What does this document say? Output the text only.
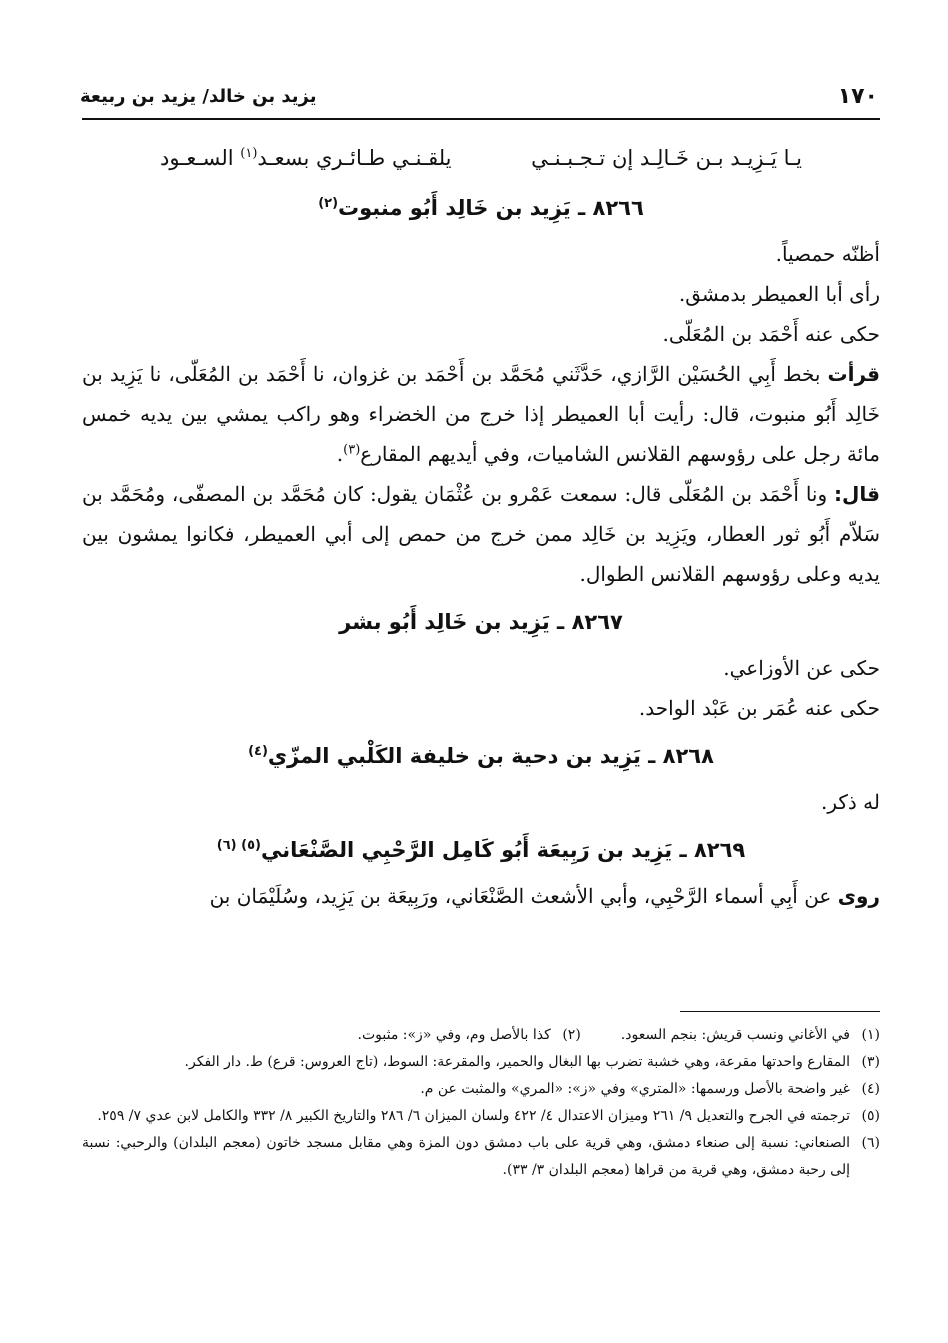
١٧٠
يزيد بن خالد/ يزيد بن ربيعة
يـا يَـزِيـد بـن خَـالِـد إن تـجـبـنـي
يلقـنـي طـائـري بسعـد$^{(١)}$ السـعـود
٨٢٦٦ ـ يَزِيد بن خَالِد أَبُو منبوت$^{(٢)}$

أظنّه حمصياً.

رأى أبا العميطر بدمشق.

حكى عنه أَحْمَد بن المُعَلّى.

قرأت بخط أَبِي الحُسَيْن الرَّازي، حَدَّثَني مُحَمَّد بن أَحْمَد بن غزوان، نا أَحْمَد بن المُعَلّى، نا يَزِيد بن خَالِد أَبُو منبوت، قال: رأيت أبا العميطر إذا خرج من الخضراء وهو راكب يمشي بين يديه خمس مائة رجل على رؤوسهم القلانس الشاميات، وفي أيديهم المقارع$^{(٣)}$.

قال: ونا أَحْمَد بن المُعَلّى قال: سمعت عَمْرو بن عُثْمَان يقول: كان مُحَمَّد بن المصفّى، ومُحَمَّد بن سَلاّم أَبُو ثور العطار، ويَزِيد بن خَالِد ممن خرج من حمص إلى أبي العميطر، فكانوا يمشون بين يديه وعلى رؤوسهم القلانس الطوال.

٨٢٦٧ ـ يَزِيد بن خَالِد أَبُو بشر

حكى عن الأوزاعي.

حكى عنه عُمَر بن عَبْد الواحد.

٨٢٦٨ ـ يَزِيد بن دحية بن خليفة الكَلْبي المزّي$^{(٤)}$

له ذكر.

٨٢٦٩ ـ يَزِيد بن رَبِيعَة أَبُو كَامِل الرَّحْبِي الصَّنْعَاني$^{(٥) (٦)}$

روى عن أَبِي أسماء الرَّحْبِي، وأبي الأشعث الصَّنْعَاني، ورَبِيعَة بن يَزِيد، وسُلَيْمَان بن

(١)
في الأغاني ونسب قريش: بنجم السعود.
(٢)
كذا بالأصل وم، وفي «ز»: مثبوت.
(٣)
المقارع واحدتها مقرعة، وهي خشبة تضرب بها البغال والحمير، والمقرعة: السوط، (تاج العروس: قرع) ط. دار الفكر.
(٤)
غير واضحة بالأصل ورسمها: «المتري» وفي «ز»: «المري» والمثبت عن م.
(٥)
ترجمته في الجرح والتعديل ٩/ ٢٦١ وميزان الاعتدال ٤/ ٤٢٢ ولسان الميزان ٦/ ٢٨٦ والتاريخ الكبير ٨/ ٣٣٢ والكامل لابن عدي ٧/ ٢٥٩.
(٦)
الصنعاني: نسبة إلى صنعاء دمشق، وهي قرية على باب دمشق دون المزة وهي مقابل مسجد خاتون (معجم البلدان) والرحبي: نسبة إلى رحبة دمشق، وهي قرية من قراها (معجم البلدان ٣/ ٣٣).
